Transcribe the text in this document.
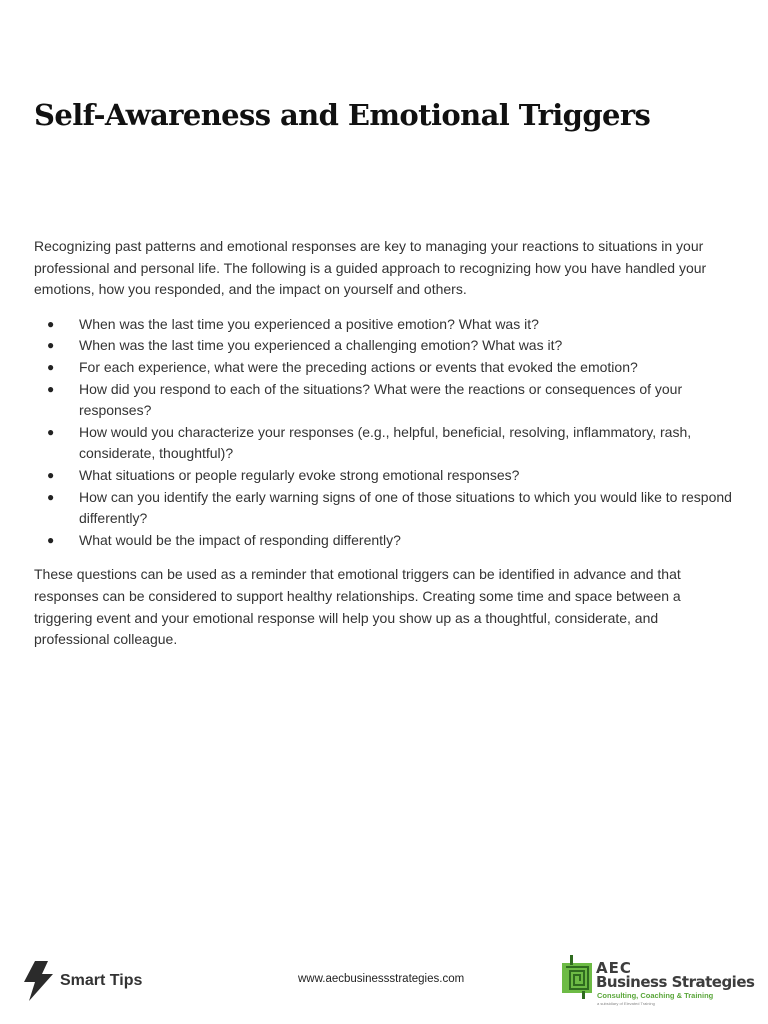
Self-Awareness and Emotional Triggers

Recognizing past patterns and emotional responses are key to managing your reactions to situations in your professional and personal life. The following is a guided approach to recognizing how you have handled your emotions, how you responded, and the impact on yourself and others.

● When was the last time you experienced a positive emotion? What was it?
● When was the last time you experienced a challenging emotion? What was it?
● For each experience, what were the preceding actions or events that evoked the emotion?
● How did you respond to each of the situations? What were the reactions or consequences of your responses?
● How would you characterize your responses (e.g., helpful, beneficial, resolving, inflammatory, rash, considerate, thoughtful)?
● What situations or people regularly evoke strong emotional responses?
● How can you identify the early warning signs of one of those situations to which you would like to respond differently?
● What would be the impact of responding differently?

These questions can be used as a reminder that emotional triggers can be identified in advance and that responses can be considered to support healthy relationships. Creating some time and space between a triggering event and your emotional response will help you show up as a thoughtful, considerate, and professional colleague.

Smart Tips	www.aecbusinessstrategies.com
AEC
Business Strategies
Consulting, Coaching & Training
a subsidiary of Elevated Training
